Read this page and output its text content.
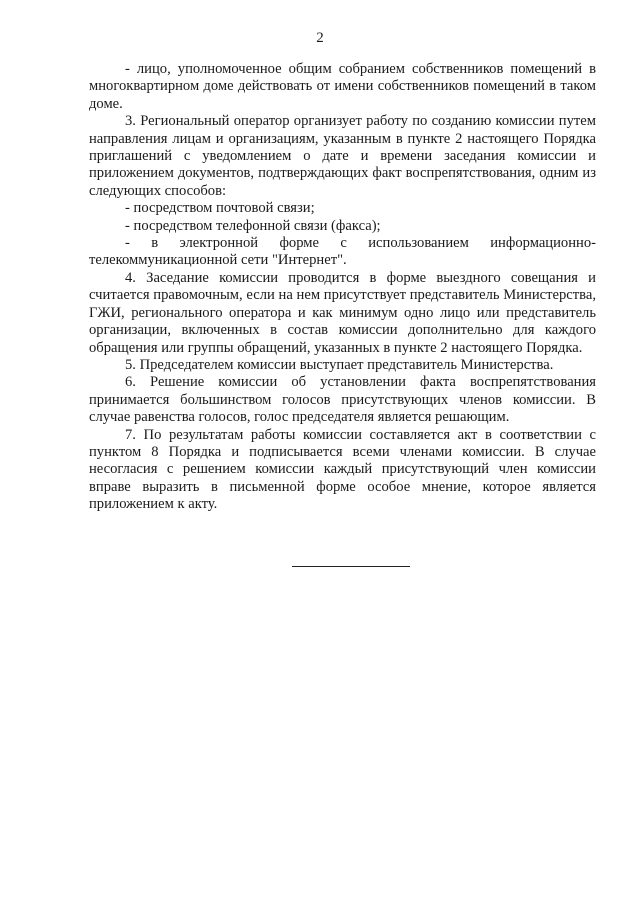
2

- лицо, уполномоченное общим собранием собственников помещений в многоквартирном доме действовать от имени собственников помещений в таком доме.

3. Региональный оператор организует работу по созданию комиссии путем направления лицам и организациям, указанным в пункте 2 настоящего Порядка приглашений с уведомлением о дате и времени заседания комиссии и приложением документов, подтверждающих факт воспрепятствования, одним из следующих способов:

- посредством почтовой связи;

- посредством телефонной связи (факса);

- в электронной форме с использованием информационно-телекоммуникационной сети "Интернет".

4. Заседание комиссии проводится в форме выездного совещания и считается правомочным, если на нем присутствует представитель Министерства, ГЖИ, регионального оператора и как минимум одно лицо или представитель организации, включенных в состав комиссии дополнительно для каждого обращения или группы обращений, указанных в пункте 2 настоящего Порядка.

5. Председателем комиссии выступает представитель Министерства.

6. Решение комиссии об установлении факта воспрепятствования принимается большинством голосов присутствующих членов комиссии. В случае равенства голосов, голос председателя является решающим.

7. По результатам работы комиссии составляется акт в соответствии с пунктом 8 Порядка и подписывается всеми членами комиссии. В случае несогласия с решением комиссии каждый присутствующий член комиссии вправе выразить в письменной форме особое мнение, которое является приложением к акту.
